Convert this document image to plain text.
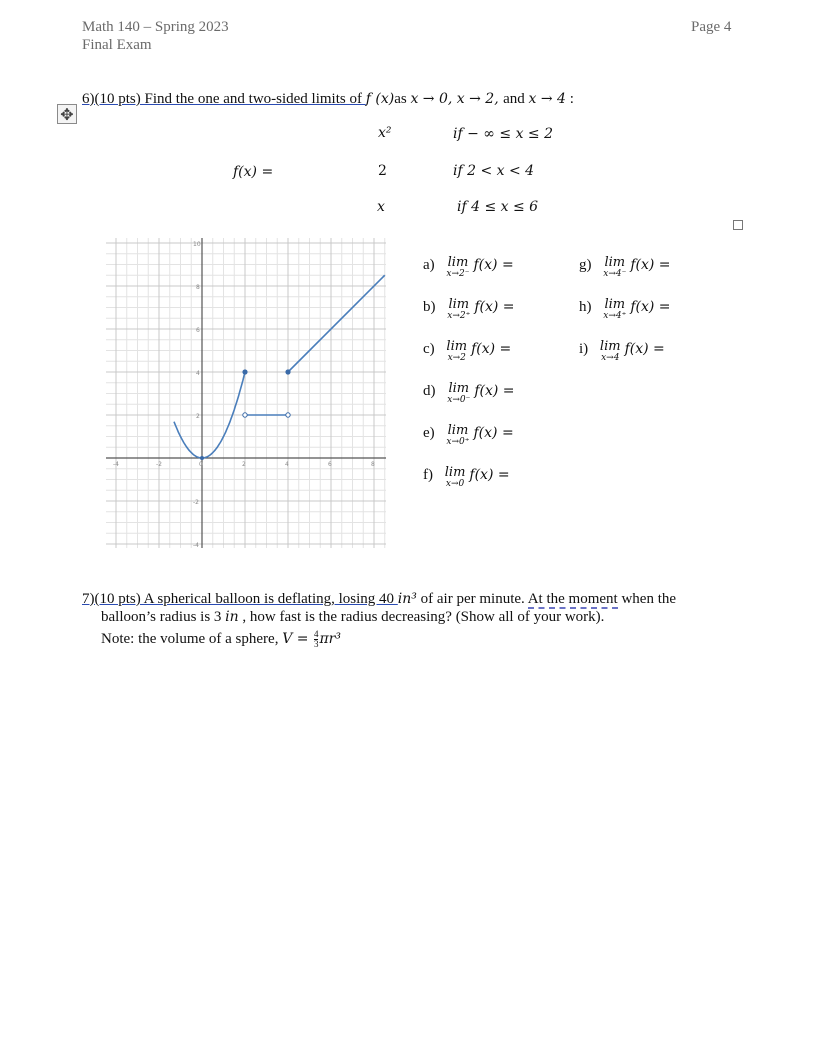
Math 140 – Spring 2023
Final Exam
Page 4
✥
6)(10 pts) Find the one and two-sided limits of f (x)as x → 0, x → 2, and x → 4 :
f(x) =
x²	if − ∞ ≤ x ≤ 2
2	if 2 < x < 4
x	if 4 ≤ x ≤ 6
-4	-2	0	2	4	6	8
10
8
6
4
2
-2
-4
a) lim
x→2⁻
f(x) =
b) lim
x→2⁺
f(x) =
c) lim
x→2
f(x) =
d) lim
x→0⁻
f(x) =
e) lim
x→0⁺
f(x) =
f) lim
x→0
f(x) =
g) lim
x→4⁻
f(x) =
h) lim
x→4⁺
f(x) =
i) lim
x→4
f(x) =
7)(10 pts) A spherical balloon is deflating, losing 40 in³ of air per minute. At the moment when the
balloon’s radius is 3 in , how fast is the radius decreasing? (Show all of your work).
Note: the volume of a sphere, $V = \frac{4}{3} \pi r^3$
